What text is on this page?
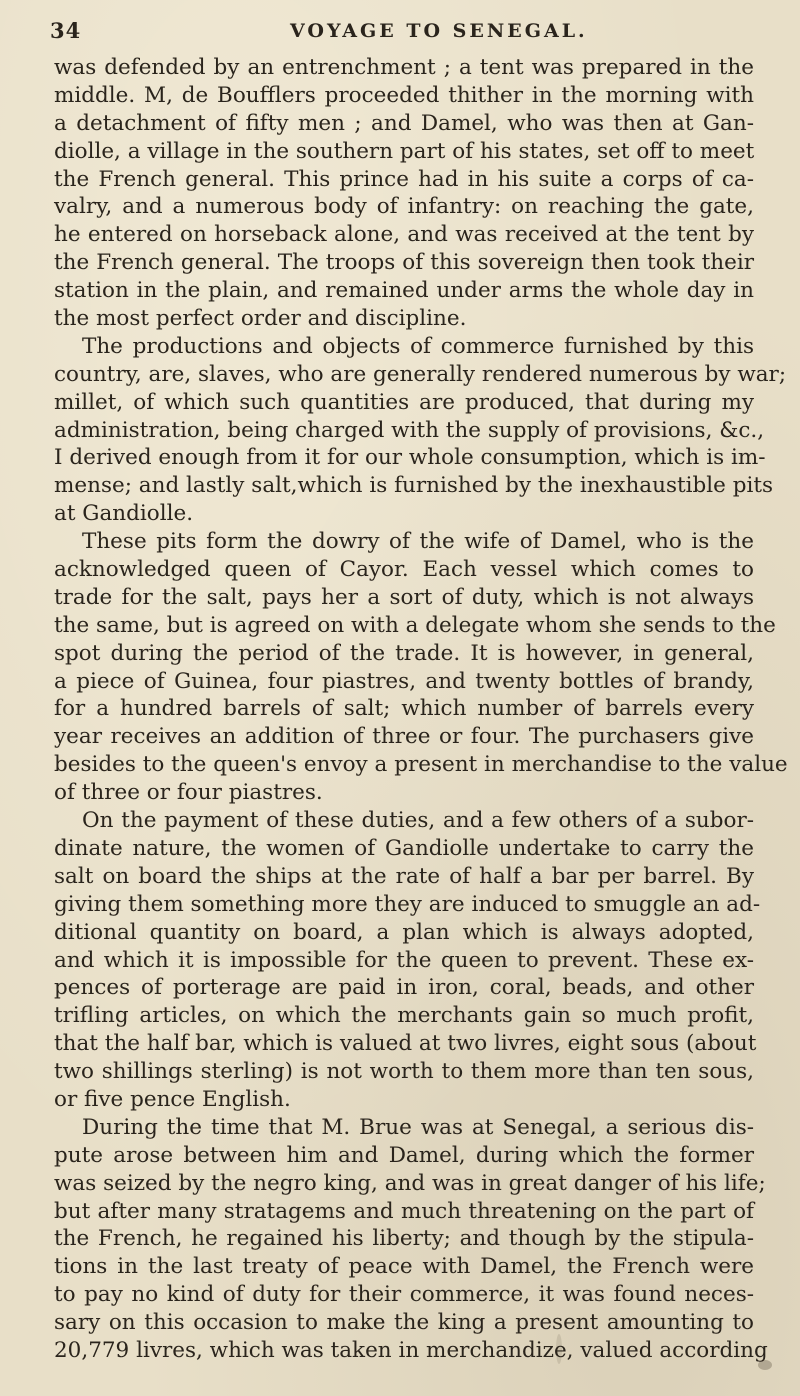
34	VOYAGE TO SENEGAL.
was defended by an entrenchment ; a tent was prepared in the
middle. M, de Boufflers proceeded thither in the morning with
a detachment of fifty men ; and Damel, who was then at Gan-
diolle, a village in the southern part of his states, set off to meet
the French general. This prince had in his suite a corps of ca-
valry, and a numerous body of infantry: on reaching the gate,
he entered on horseback alone, and was received at the tent by
the French general. The troops of this sovereign then took their
station in the plain, and remained under arms the whole day in
the most perfect order and discipline.
The productions and objects of commerce furnished by this
country, are, slaves, who are generally rendered numerous by war;
millet, of which such quantities are produced, that during my
administration, being charged with the supply of provisions, &c.,
I derived enough from it for our whole consumption, which is im-
mense; and lastly salt,which is furnished by the inexhaustible pits
at Gandiolle.
These pits form the dowry of the wife of Damel, who is the
acknowledged queen of Cayor. Each vessel which comes to
trade for the salt, pays her a sort of duty, which is not always
the same, but is agreed on with a delegate whom she sends to the
spot during the period of the trade. It is however, in general,
a piece of Guinea, four piastres, and twenty bottles of brandy,
for a hundred barrels of salt; which number of barrels every
year receives an addition of three or four. The purchasers give
besides to the queen's envoy a present in merchandise to the value
of three or four piastres.
On the payment of these duties, and a few others of a subor-
dinate nature, the women of Gandiolle undertake to carry the
salt on board the ships at the rate of half a bar per barrel. By
giving them something more they are induced to smuggle an ad-
ditional quantity on board, a plan which is always adopted,
and which it is impossible for the queen to prevent. These ex-
pences of porterage are paid in iron, coral, beads, and other
trifling articles, on which the merchants gain so much profit,
that the half bar, which is valued at two livres, eight sous (about
two shillings sterling) is not worth to them more than ten sous,
or five pence English.
During the time that M. Brue was at Senegal, a serious dis-
pute arose between him and Damel, during which the former
was seized by the negro king, and was in great danger of his life;
but after many stratagems and much threatening on the part of
the French, he regained his liberty; and though by the stipula-
tions in the last treaty of peace with Damel, the French were
to pay no kind of duty for their commerce, it was found neces-
sary on this occasion to make the king a present amounting to
20,779 livres, which was taken in merchandize, valued according
